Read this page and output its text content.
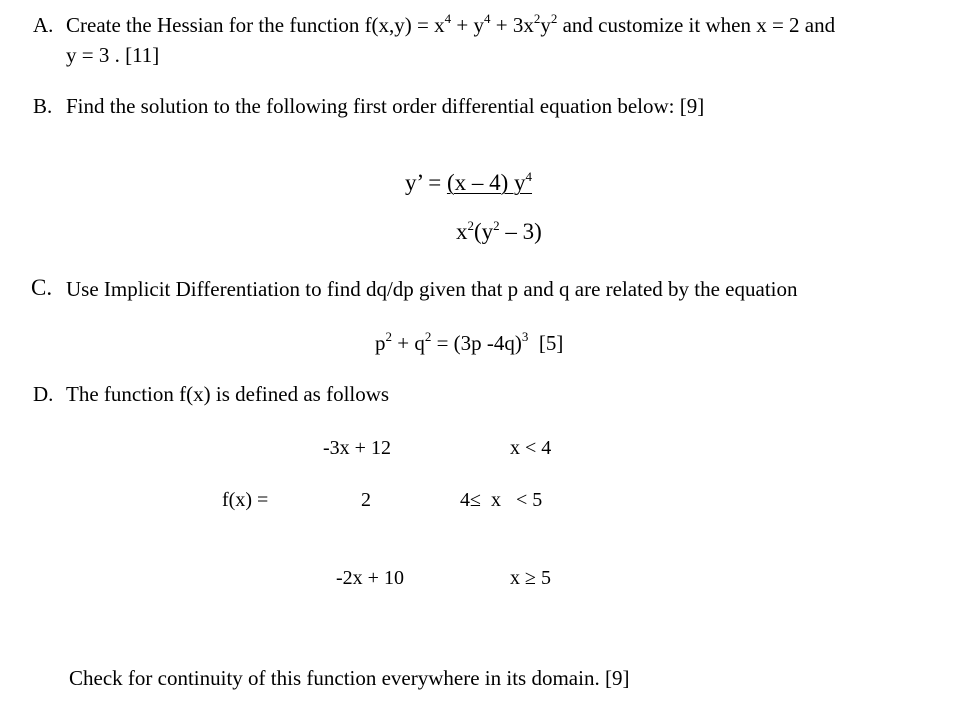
A. Create the Hessian for the function $f(x,y) = x^4 + y^4 + 3x^2y^2$ and customize it when x = 2 and
y = 3 . [11]
B. Find the solution to the following first order differential equation below: [9]
y’ = (x – 4) $y^4$
$x^2(y^2 - 3)$
C. Use Implicit Differentiation to find dq/dp given that p and q are related by the equation
$p^2 + q^2 = (3p$ -4q)$^3$  [5]
D. The function f(x) is defined as follows
f(x) =
-3x + 12	x < 4
2	4≤  x   < 5
-2x + 10	x ≥ 5
Check for continuity of this function everywhere in its domain. [9]
